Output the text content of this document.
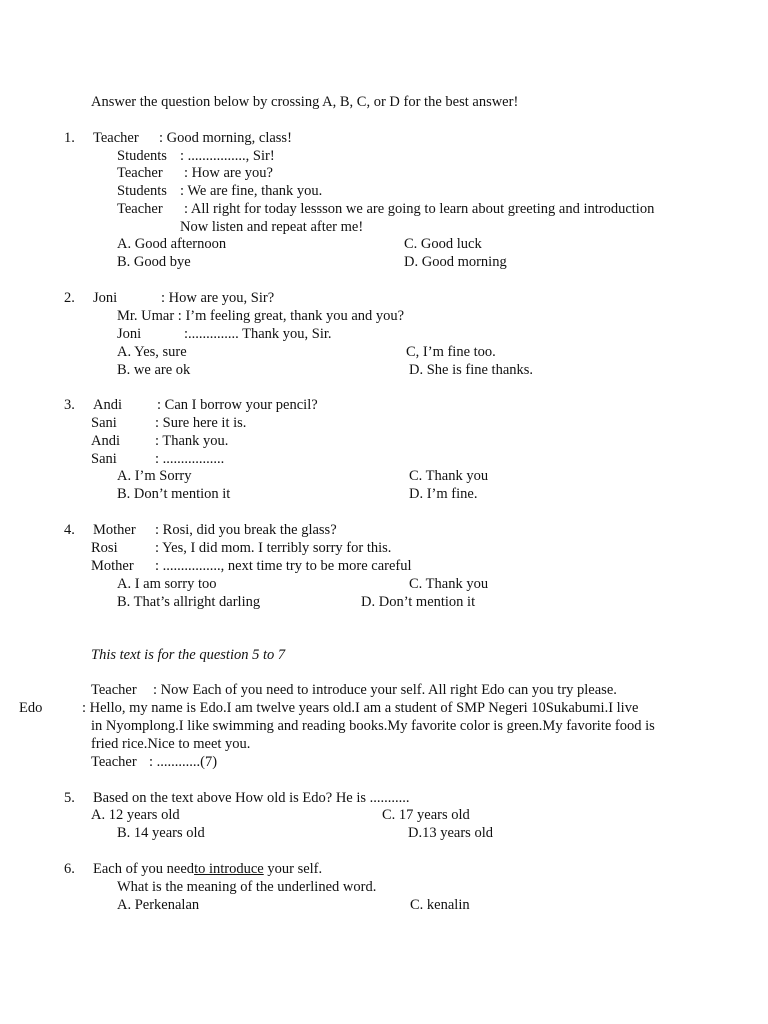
Answer the question below by crossing A, B, C, or D for the best answer!
1. Teacher : Good morning, class!
Students : ................, Sir!
Teacher : How are you?
Students : We are fine, thank you.
Teacher : All right for today lessson we are going to learn about greeting and introduction
Now listen and repeat after me!
A. Good afternoon	C. Good luck
B. Good bye	D. Good morning
2. Joni	: How are you, Sir?
Mr. Umar : I’m feeling great, thank you and you?
Joni	:.............. Thank you, Sir.
A. Yes, sure	C, I’m fine too.
B. we are ok	D. She is fine thanks.
3. Andi : Can I borrow your pencil?
Sani	: Sure here it is.
Andi : Thank you.
Sani	: .................
A. I’m Sorry	C. Thank you
B. Don’t mention it	D. I’m fine.
4. Mother : Rosi, did you break the glass?
Rosi	: Yes, I did mom. I terribly sorry for this.
Mother : ................, next time try to be more careful
A. I am sorry too	C. Thank you
B. That’s allright darling	D. Don’t mention it
This text is for the question 5 to 7
Teacher : Now Each of you need to introduce your self. All right Edo can you try please.
Edo	: Hello, my name is Edo.I am twelve years old.I am a student of SMP Negeri 10Sukabumi.I live
in Nyomplong.I like swimming and reading books.My favorite color is green.My favorite food is
fried rice.Nice to meet you.
Teacher : ............(7)
5. Based on the text above How old is Edo? He is ...........
A. 12 years old	C. 17 years old
B. 14 years old	D.13 years old
6. Each of you needto introduce your self.
What is the meaning of the underlined word.
A. Perkenalan	C. kenalin
